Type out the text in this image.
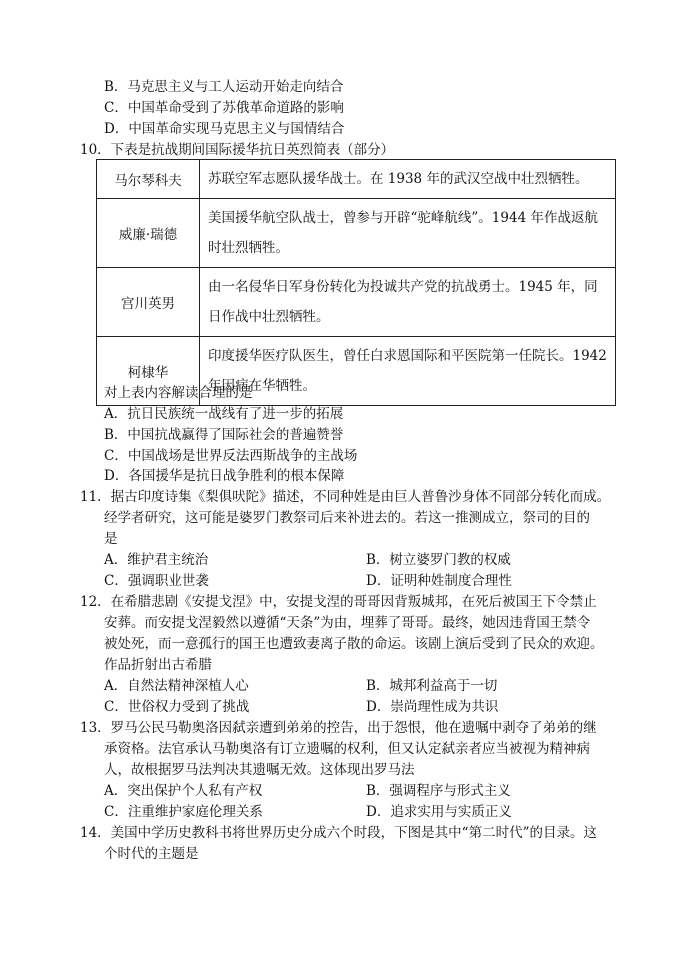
B．马克思主义与工人运动开始走向结合
C．中国革命受到了苏俄革命道路的影响
D．中国革命实现马克思主义与国情结合
10．下表是抗战期间国际援华抗日英烈简表（部分）
马尔琴科夫	苏联空军志愿队援华战士。在 1938 年的武汉空战中壮烈牺牲。
威廉·瑞德	美国援华航空队战士，曾参与开辟“驼峰航线”。1944 年作战返航时壮烈牺牲。
宫川英男	由一名侵华日军身份转化为投诚共产党的抗战勇士。1945 年，同日作战中壮烈牺牲。
柯棣华	印度援华医疗队医生，曾任白求恩国际和平医院第一任院长。1942 年因病在华牺牲。
对上表内容解读合理的是
A．抗日民族统一战线有了进一步的拓展
B．中国抗战赢得了国际社会的普遍赞誉
C．中国战场是世界反法西斯战争的主战场
D．各国援华是抗日战争胜利的根本保障
11．据古印度诗集《梨俱吠陀》描述，不同种姓是由巨人普鲁沙身体不同部分转化而成。
经学者研究，这可能是婆罗门教祭司后来补进去的。若这一推测成立，祭司的目的
是
A．维护君主统治	B．树立婆罗门教的权威
C．强调职业世袭	D．证明种姓制度合理性
12．在希腊悲剧《安提戈涅》中，安提戈涅的哥哥因背叛城邦，在死后被国王下令禁止
安葬。而安提戈涅毅然以遵循“天条”为由，埋葬了哥哥。最终，她因违背国王禁令
被处死，而一意孤行的国王也遭致妻离子散的命运。该剧上演后受到了民众的欢迎。
作品折射出古希腊
A．自然法精神深植人心	B．城邦利益高于一切
C．世俗权力受到了挑战	D．崇尚理性成为共识
13．罗马公民马勒奥洛因弑亲遭到弟弟的控告，出于怨恨，他在遗嘱中剥夺了弟弟的继
承资格。法官承认马勒奥洛有订立遗嘱的权利，但又认定弑亲者应当被视为精神病
人，故根据罗马法判决其遗嘱无效。这体现出罗马法
A．突出保护个人私有产权	B．强调程序与形式主义
C．注重维护家庭伦理关系	D．追求实用与实质正义
14．美国中学历史教科书将世界历史分成六个时段，下图是其中“第二时代”的目录。这
个时代的主题是
